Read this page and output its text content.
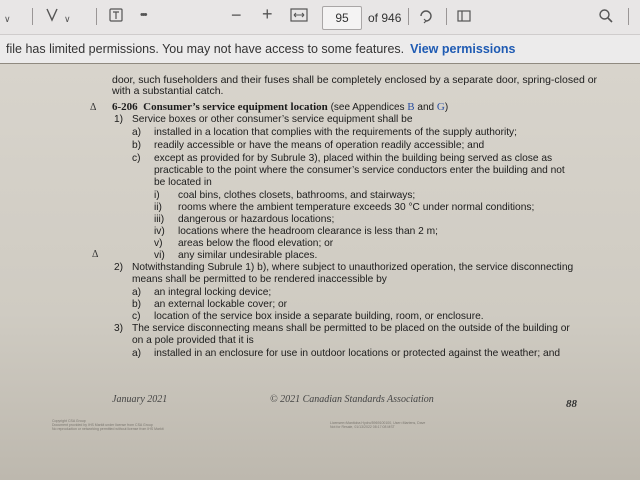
∨	∨	•••	− +	95	of 946
file has limited permissions. You may not have access to some features. View permissions
door, such fuseholders and their fuses shall be completely enclosed by a separate door, spring-closed or
with a substantial catch.
Δ 6-206 Consumer’s service equipment location (see Appendices B and G)
1) Service boxes or other consumer’s service equipment shall be
a) installed in a location that complies with the requirements of the supply authority;
b) readily accessible or have the means of operation readily accessible; and
c) except as provided for by Subrule 3), placed within the building being served as close as
practicable to the point where the consumer’s service conductors enter the building and not
be located in
i) coal bins, clothes closets, bathrooms, and stairways;
ii) rooms where the ambient temperature exceeds 30 °C under normal conditions;
iii) dangerous or hazardous locations;
iv) locations where the headroom clearance is less than 2 m;
v) areas below the flood elevation; or
vi) any similar undesirable places.
2) Notwithstanding Subrule 1) b), where subject to unauthorized operation, the service disconnecting
means shall be permitted to be rendered inaccessible by
a) an integral locking device;
b) an external lockable cover; or
c) location of the service box inside a separate building, room, or enclosure.
3) The service disconnecting means shall be permitted to be placed on the outside of the building or
on a pole provided that it is
a) installed in an enclosure for use in outdoor locations or protected against the weather; and
Δ
January 2021	© 2021 Canadian Standards Association	88
Copyright CSA Group
Document provided by IHS Markit under license from CSA Group
No reproduction or networking permitted without license from IHS Markit
Licensee=Manitoba Hydro/5969100100, User=Martens, Dave
Not for Resale, 01/13/2022 08:17:08 MST
